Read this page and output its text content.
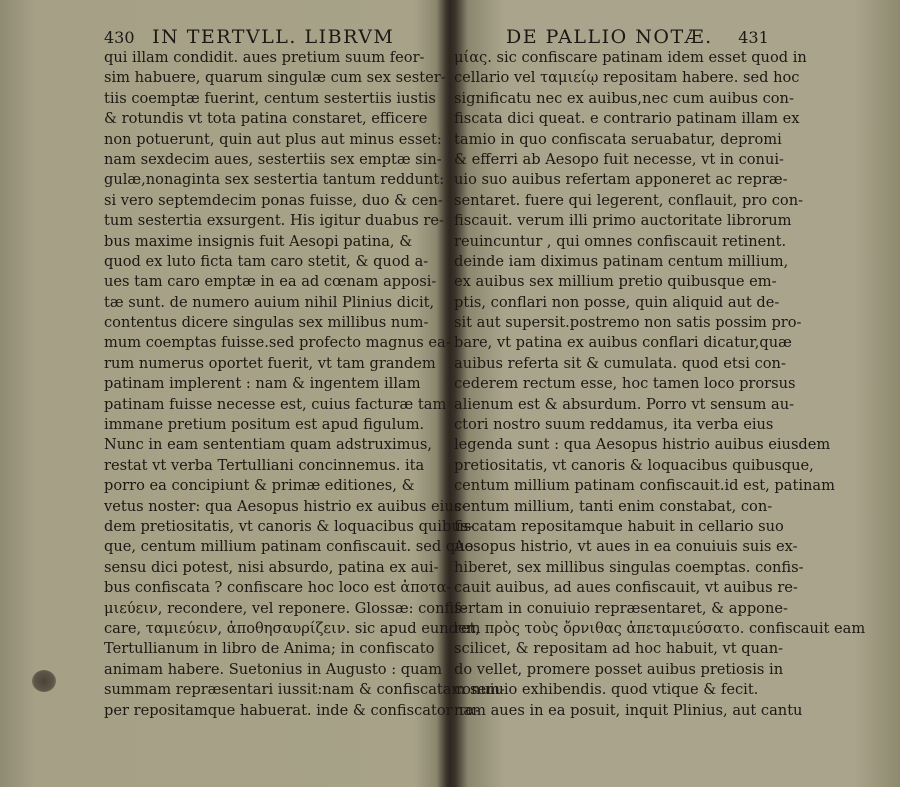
430 IN TERTVLL. LIBRVM
qui illam condidit. aues pretium suum feor-
sim habuere, quarum singulæ cum sex sester-
tiis coemptæ fuerint, centum sestertiis iustis
& rotundis vt tota patina constaret, efficere
non potuerunt, quin aut plus aut minus esset:
nam sexdecim aues, sestertiis sex emptæ sin-
gulæ,nonaginta sex sestertia tantum reddunt:
si vero septemdecim ponas fuisse, duo & cen-
tum sestertia exsurgent. His igitur duabus re-
bus maxime insignis fuit Aesopi patina, &
quod ex luto ficta tam caro stetit, & quod a-
ues tam caro emptæ in ea ad cœnam apposi-
tæ sunt. de numero auium nihil Plinius dicit,
contentus dicere singulas sex millibus num-
mum coemptas fuisse.sed profecto magnus ea-
rum numerus oportet fuerit, vt tam grandem
patinam implerent : nam & ingentem illam
patinam fuisse necesse est, cuius facturæ tam
immane pretium positum est apud figulum.
Nunc in eam sententiam quam adstruximus,
restat vt verba Tertulliani concinnemus. ita
porro ea concipiunt & primæ editiones, &
vetus noster: qua Aesopus histrio ex auibus eius-
dem pretiositatis, vt canoris & loquacibus quibus-
que, centum millium patinam confiscauit. sed quo
sensu dici potest, nisi absurdo, patina ex aui-
bus confiscata ? confiscare hoc loco est ἀποτα-
μιεύειν, recondere, vel reponere. Glossæ: confis-
care, ταμιεύειν, ἀποθησαυρίζειν. sic apud eundem
Tertullianum in libro de Anima; in confiscato
animam habere. Suetonius in Augusto : quam
summam repræsentari iussit:nam & confiscatam sem-
per repositamque habuerat. inde & confiscator τα-
DE PALLIO NOTÆ. 431
μίας. sic confiscare patinam idem esset quod in
cellario vel ταμιείῳ repositam habere. sed hoc
significatu nec ex auibus,nec cum auibus con-
fiscata dici queat. e contrario patinam illam ex
tamio in quo confiscata seruabatur, depromi
& efferri ab Aesopo fuit necesse, vt in conui-
uio suo auibus refertam apponeret ac repræ-
sentaret. fuere qui legerent, conflauit, pro con-
fiscauit. verum illi primo auctoritate librorum
reuincuntur , qui omnes confiscauit retinent.
deinde iam diximus patinam centum millium,
ex auibus sex millium pretio quibusque em-
ptis, conflari non posse, quin aliquid aut de-
sit aut supersit.postremo non satis possim pro-
bare, vt patina ex auibus conflari dicatur,quæ
auibus referta sit & cumulata. quod etsi con-
cederem rectum esse, hoc tamen loco prorsus
alienum est & absurdum. Porro vt sensum au-
ctori nostro suum reddamus, ita verba eius
legenda sunt : qua Aesopus histrio auibus eiusdem
pretiositatis, vt canoris & loquacibus quibusque,
centum millium patinam confiscauit.id est, patinam
centum millium, tanti enim constabat, con-
fiscatam repositamque habuit in cellario suo
Aesopus histrio, vt aues in ea conuiuis suis ex-
hiberet, sex millibus singulas coemptas. confis-
cauit auibus, ad aues confiscauit, vt auibus re-
fertam in conuiuio repræsentaret, & appone-
ret, πρὸς τοὺς ὄρνιθας ἀπεταμιεύσατο. confiscauit eam
scilicet, & repositam ad hoc habuit, vt quan-
do vellet, promere posset auibus pretiosis in
conuiuio exhibendis. quod vtique & fecit.
nam aues in ea posuit, inquit Plinius, aut cantu
